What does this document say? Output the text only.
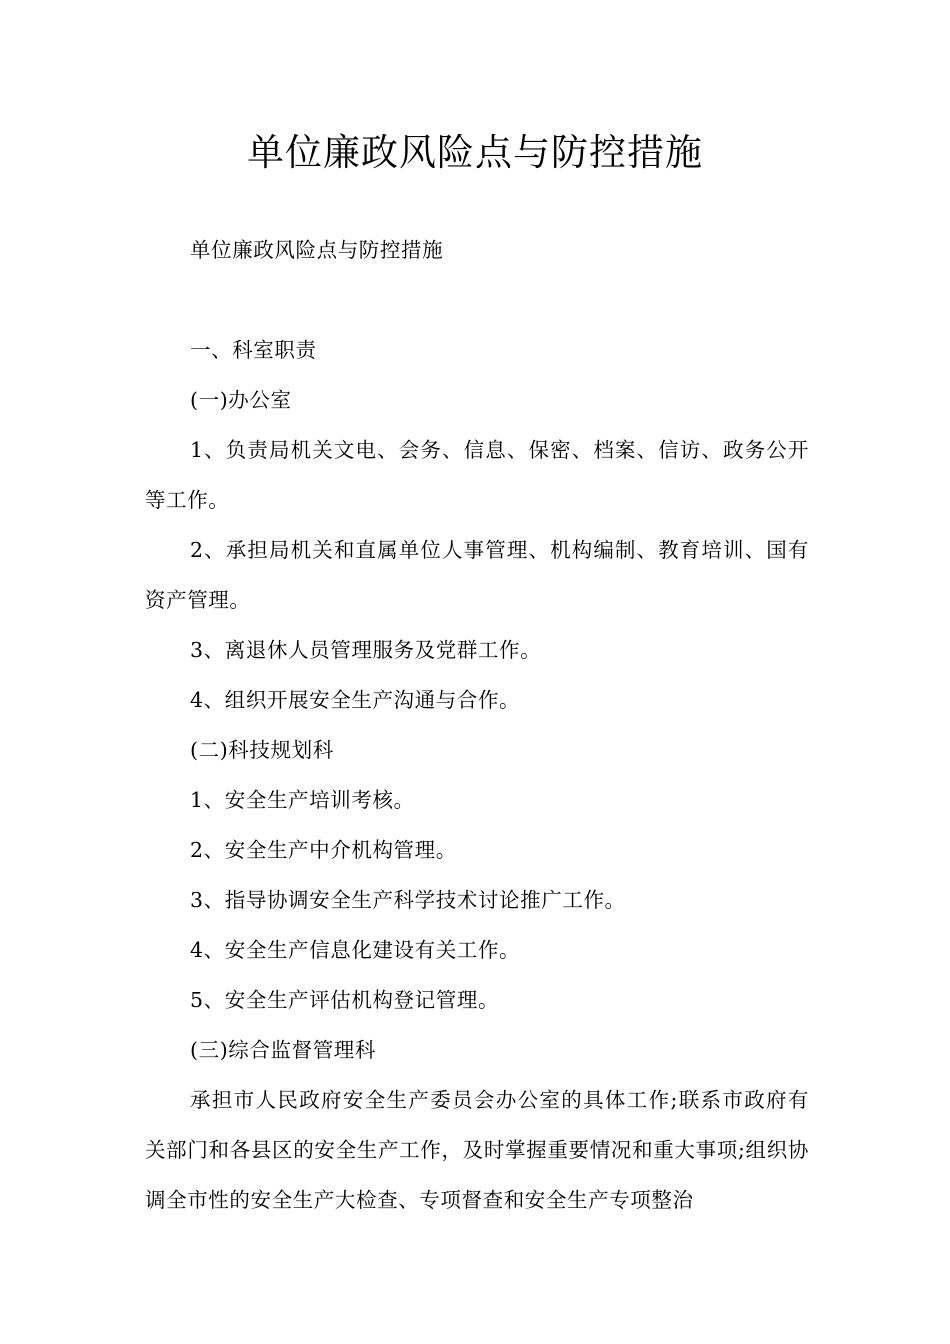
单位廉政风险点与防控措施

单位廉政风险点与防控措施

一、科室职责

(一)办公室

1、负责局机关文电、会务、信息、保密、档案、信访、政务公开等工作。

2、承担局机关和直属单位人事管理、机构编制、教育培训、国有资产管理。

3、离退休人员管理服务及党群工作。

4、组织开展安全生产沟通与合作。

(二)科技规划科

1、安全生产培训考核。

2、安全生产中介机构管理。

3、指导协调安全生产科学技术讨论推广工作。

4、安全生产信息化建设有关工作。

5、安全生产评估机构登记管理。

(三)综合监督管理科

承担市人民政府安全生产委员会办公室的具体工作;联系市政府有关部门和各县区的安全生产工作，及时掌握重要情况和重大事项;组织协调全市性的安全生产大检查、专项督查和安全生产专项整治
